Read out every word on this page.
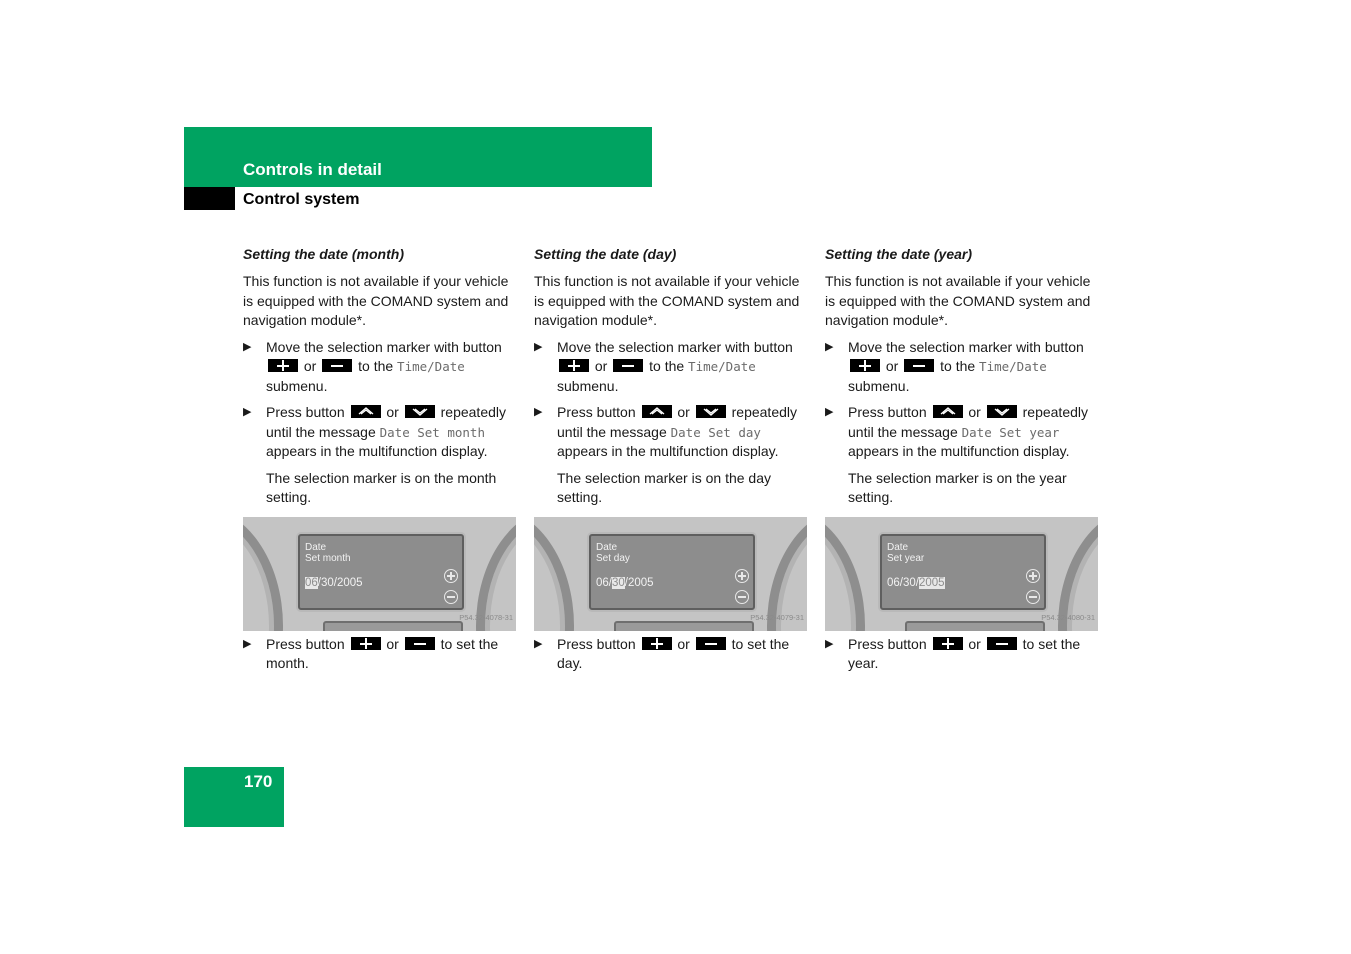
Controls in detail
Control system
Setting the date (month)

This function is not available if your vehicle is equipped with the COMAND system and navigation module*.

▶ Move the selection marker with button  or	to the Time/Date submenu.
▶ Press button	or	repeatedly until the message Date Set month appears in the multifunction display.

The selection marker is on the month setting.

Date
Set month
06/30/2005
P54.32-4078-31
▶ Press button	or	to set the month.
Setting the date (day)

This function is not available if your vehicle is equipped with the COMAND system and navigation module*.

▶ Move the selection marker with button  or	to the Time/Date submenu.
▶ Press button	or	repeatedly until the message Date Set day appears in the multifunction display.

The selection marker is on the day setting.

Date
Set day
06/30/2005
P54.32-4079-31
▶ Press button	or	to set the day.
Setting the date (year)

This function is not available if your vehicle is equipped with the COMAND system and navigation module*.

▶ Move the selection marker with button  or	to the Time/Date submenu.
▶ Press button	or	repeatedly until the message Date Set year appears in the multifunction display.

The selection marker is on the year setting.

Date
Set year
06/30/2005
P54.32-4080-31
▶ Press button	or	to set the year.
170
